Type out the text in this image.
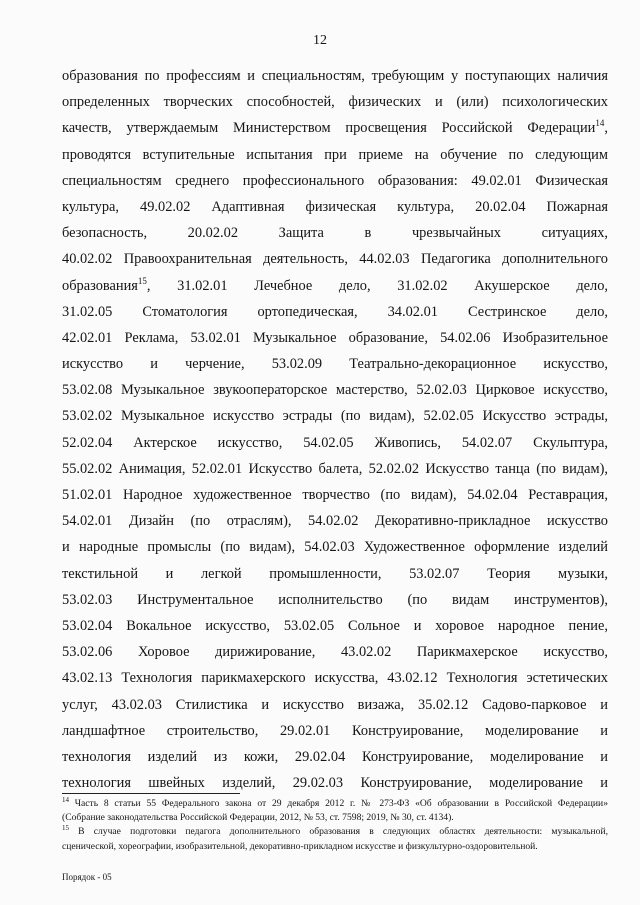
12
образования по профессиям и специальностям, требующим у поступающих наличия
определенных творческих способностей, физических и (или) психологических
качеств, утверждаемым Министерством просвещения Российской Федерации$^{14}$,
проводятся вступительные испытания при приеме на обучение по следующим
специальностям среднего профессионального образования: 49.02.01 Физическая
культура, 49.02.02 Адаптивная физическая культура, 20.02.04 Пожарная
безопасность, 20.02.02 Защита в чрезвычайных ситуациях,
40.02.02 Правоохранительная деятельность, 44.02.03 Педагогика дополнительного
образования$^{15}$, 31.02.01 Лечебное дело, 31.02.02 Акушерское дело,
31.02.05 Стоматология ортопедическая, 34.02.01 Сестринское дело,
42.02.01 Реклама, 53.02.01 Музыкальное образование, 54.02.06 Изобразительное
искусство и черчение, 53.02.09 Театрально-декорационное искусство,
53.02.08 Музыкальное звукооператорское мастерство, 52.02.03 Цирковое искусство,
53.02.02 Музыкальное искусство эстрады (по видам), 52.02.05 Искусство эстрады,
52.02.04 Актерское искусство, 54.02.05 Живопись, 54.02.07 Скульптура,
55.02.02 Анимация, 52.02.01 Искусство балета, 52.02.02 Искусство танца (по видам),
51.02.01 Народное художественное творчество (по видам), 54.02.04 Реставрация,
54.02.01 Дизайн (по отраслям), 54.02.02 Декоративно-прикладное искусство
и народные промыслы (по видам), 54.02.03 Художественное оформление изделий
текстильной и легкой промышленности, 53.02.07 Теория музыки,
53.02.03 Инструментальное исполнительство (по видам инструментов),
53.02.04 Вокальное искусство, 53.02.05 Сольное и хоровое народное пение,
53.02.06 Хоровое дирижирование, 43.02.02 Парикмахерское искусство,
43.02.13 Технология парикмахерского искусства, 43.02.12 Технология эстетических
услуг, 43.02.03 Стилистика и искусство визажа, 35.02.12 Садово-парковое и
ландшафтное строительство, 29.02.01 Конструирование, моделирование и
технология изделий из кожи, 29.02.04 Конструирование, моделирование и
технология швейных изделий, 29.02.03 Конструирование, моделирование и
$^{14}$ Часть 8 статьи 55 Федерального закона от 29 декабря 2012 г. № 273-ФЗ «Об образовании в Российской Федерации»
(Собрание законодательства Российской Федерации, 2012, № 53, ст. 7598; 2019, № 30, ст. 4134).
$^{15}$ В случае подготовки педагога дополнительного образования в следующих областях деятельности: музыкальной,
сценической, хореографии, изобразительной, декоративно-прикладном искусстве и физкультурно-оздоровительной.
Порядок - 05
